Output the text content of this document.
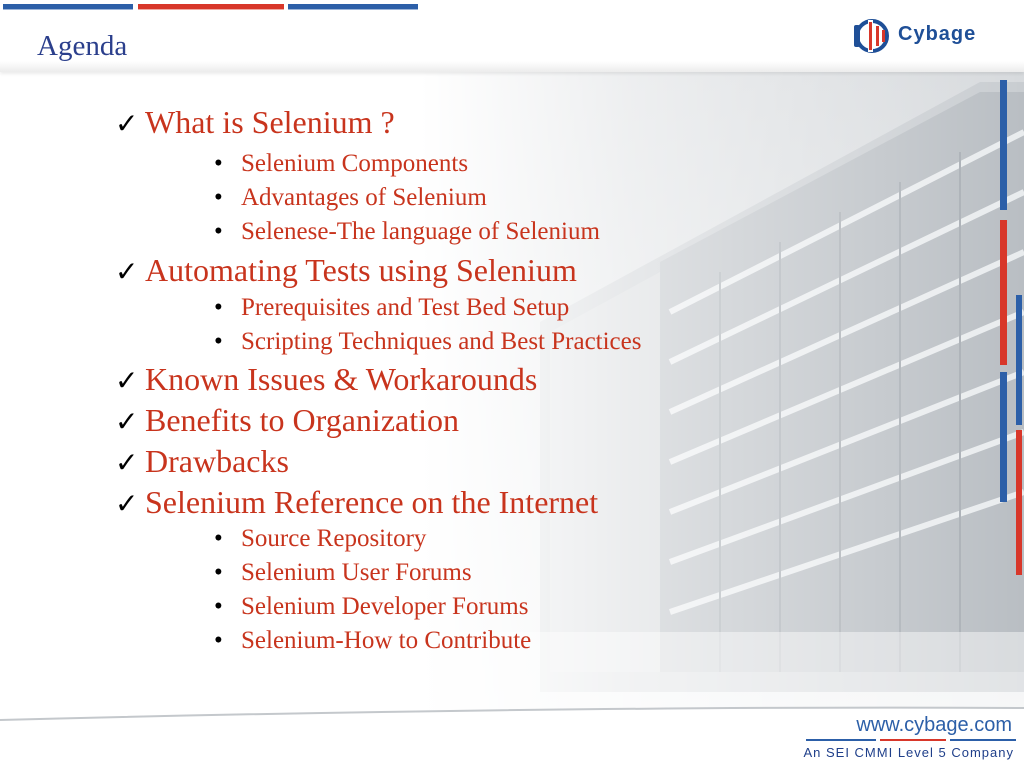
Agenda	Cybage
✓ What is Selenium ?
• Selenium Components
• Advantages of Selenium
• Selenese-The language of Selenium
✓ Automating Tests using Selenium
• Prerequisites and Test Bed Setup
• Scripting Techniques and Best Practices
✓ Known Issues & Workarounds
✓ Benefits to Organization
✓ Drawbacks
✓ Selenium Reference on the Internet
• Source Repository
• Selenium User Forums
• Selenium Developer Forums
• Selenium-How to Contribute
www.cybage.com
An SEI CMMI Level 5 Company
